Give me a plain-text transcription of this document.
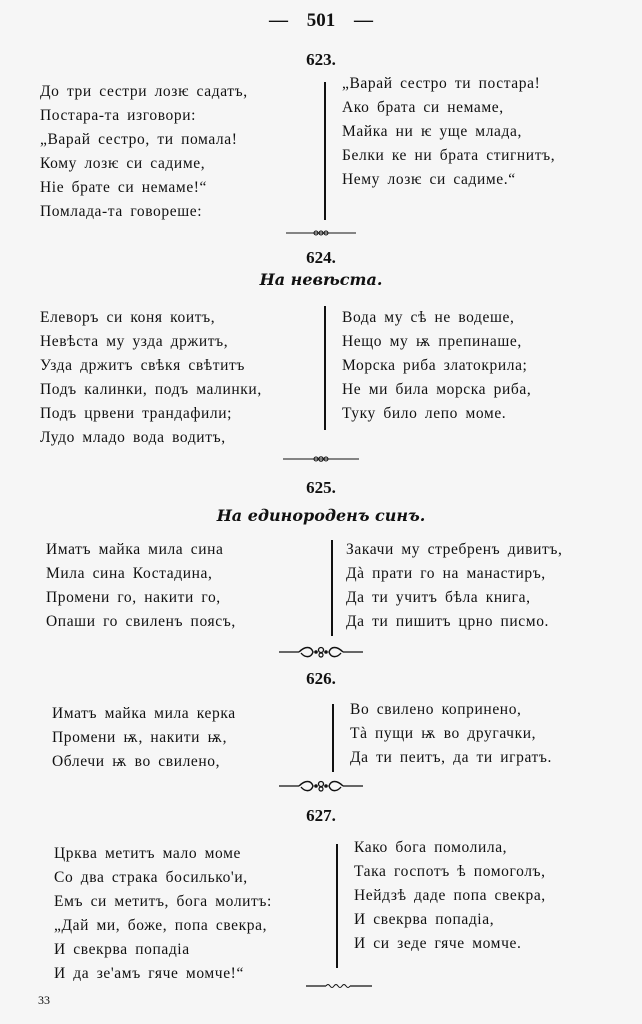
— 501 —
623.
До три сестри лозѥ садатъ,
Постара-та изговори:
„Варай сестро, ти помала!
Кому лозѥ си садиме,
Ніе брате си немаме!“
Помлада-та говореше:
„Варай сестро ти постара!
Ако брата си немаме,
Майка ни ѥ уще млада,
Белки ке ни брата стигнитъ,
Нему лозѥ си садиме.“
624.
На невѣста.
Елеворъ си коня коитъ,
Невѣста му узда држитъ,
Узда држитъ свѣкя свѣтитъ
Подъ калинки, подъ малинки,
Подъ црвени трандафили;
Лудо младо вода водитъ,
Вода му сѣ не водеше,
Нещо му ѭ препинаше,
Морска риба златокрила;
Не ми била морска риба,
Туку било лепо моме.
625.
На единороденъ синъ.
Иматъ майка мила сина
Мила сина Костадина,
Промени го, накити го,
Опаши го свиленъ поясъ,
Закачи му стребренъ дивитъ,
Дà прати го на манастиръ,
Да ти учитъ бѣла книга,
Да ти пишитъ црно писмо.
626.
Иматъ майка мила керка
Промени ѭ, накити ѭ,
Облечи ѭ во свилено,
Во свилено копринено,
Тà пущи ѭ во другачки,
Да ти пеитъ, да ти игратъ.
627.
Црква метитъ мало моме
Со два страка босилько'и,
Емъ си метитъ, бога молитъ:
„Дай ми, боже, попа свекра,
И свекрва попадіа
И да зе'амъ гяче момче!“
Како бога помолила,
Така госпотъ ѣ помоголъ,
Нейдзѣ даде попа свекра,
И свекрва попадіа,
И си зеде гяче момче.
33
